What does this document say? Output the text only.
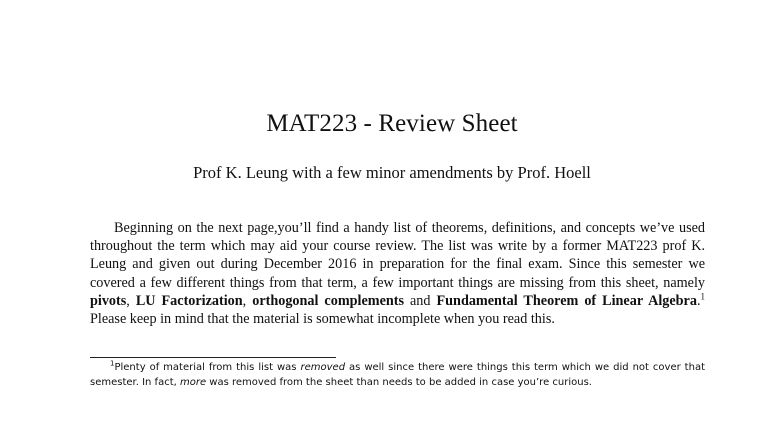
MAT223 - Review Sheet
Prof K. Leung with a few minor amendments by Prof. Hoell

Beginning on the next page,you’ll find a handy list of theorems, definitions, and concepts we’ve used throughout the term which may aid your course review. The list was write by a former MAT223 prof K. Leung and given out during December 2016 in preparation for the final exam. Since this semester we covered a few different things from that term, a few important things are missing from this sheet, namely pivots, LU Factorization, orthogonal complements and Fundamental Theorem of Linear Algebra.$^1$ Please keep in mind that the material is somewhat incomplete when you read this.

$^1$Plenty of material from this list was removed as well since there were things this term which we did not cover that semester. In fact, more was removed from the sheet than needs to be added in case you’re curious.
